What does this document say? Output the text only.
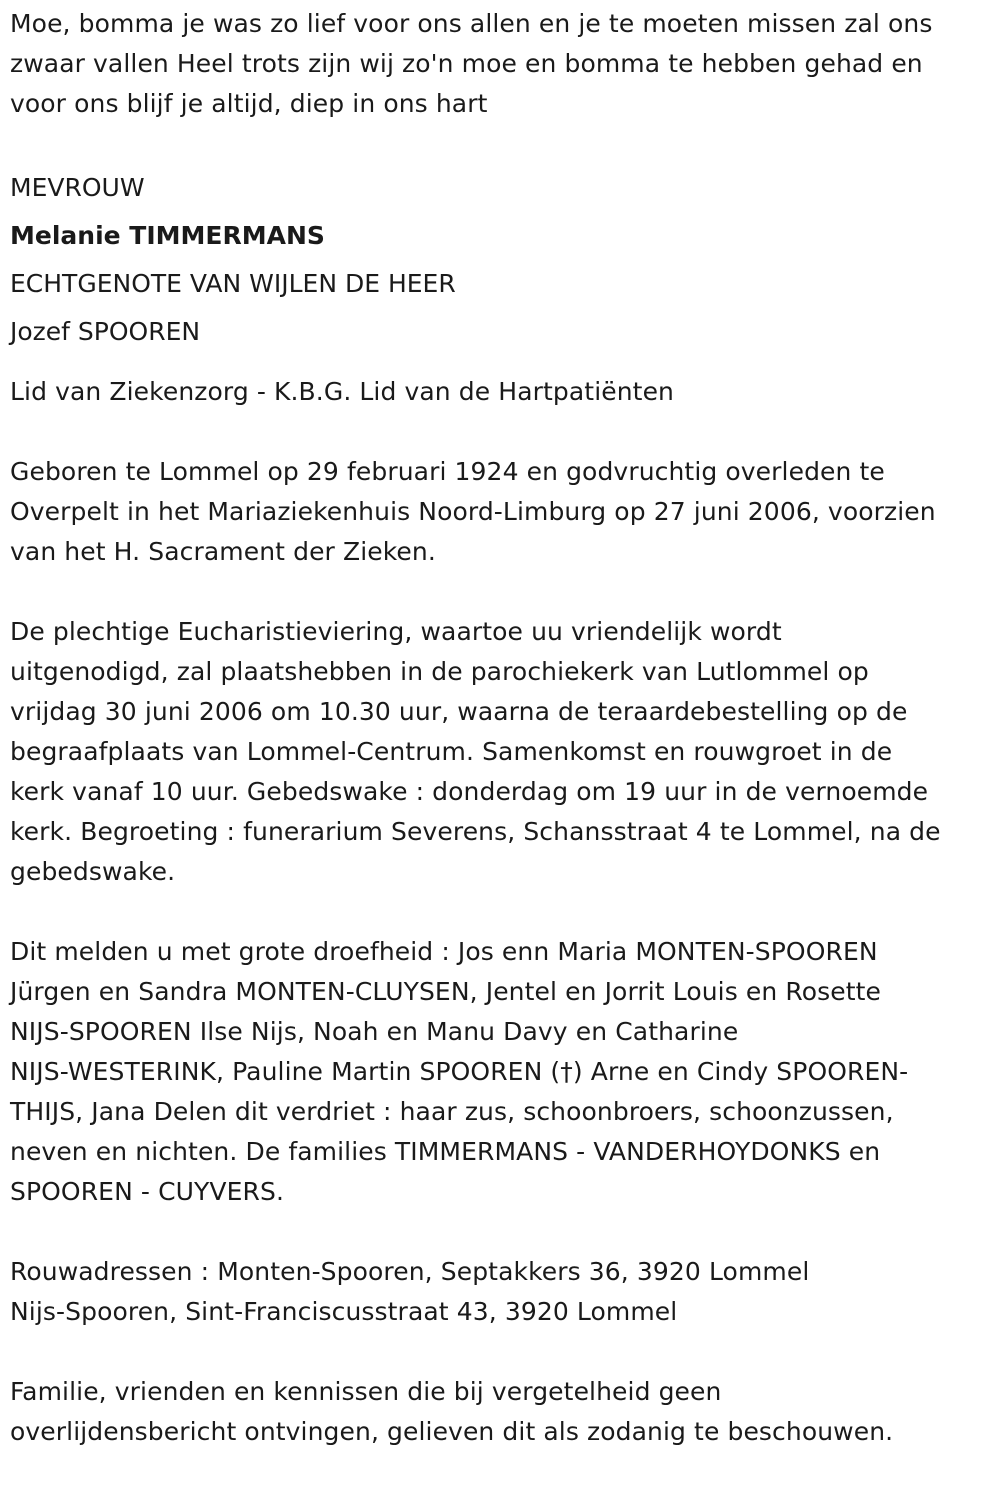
Moe, bomma je was zo lief voor ons allen en je te moeten missen zal ons
zwaar vallen Heel trots zijn wij zo'n moe en bomma te hebben gehad en
voor ons blijf je altijd, diep in ons hart
MEVROUW
Melanie TIMMERMANS
ECHTGENOTE VAN WIJLEN DE HEER
Jozef SPOOREN
Lid van Ziekenzorg - K.B.G. Lid van de Hartpatiënten
Geboren te Lommel op 29 februari 1924 en godvruchtig overleden te
Overpelt in het Mariaziekenhuis Noord-Limburg op 27 juni 2006, voorzien
van het H. Sacrament der Zieken.
De plechtige Eucharistieviering, waartoe uu vriendelijk wordt
uitgenodigd, zal plaatshebben in de parochiekerk van Lutlommel op
vrijdag 30 juni 2006 om 10.30 uur, waarna de teraardebestelling op de
begraafplaats van Lommel-Centrum. Samenkomst en rouwgroet in de
kerk vanaf 10 uur. Gebedswake : donderdag om 19 uur in de vernoemde
kerk. Begroeting : funerarium Severens, Schansstraat 4 te Lommel, na de
gebedswake.
Dit melden u met grote droefheid : Jos enn Maria MONTEN-SPOOREN
Jürgen en Sandra MONTEN-CLUYSEN, Jentel en Jorrit Louis en Rosette
NIJS-SPOOREN Ilse Nijs, Noah en Manu Davy en Catharine
NIJS-WESTERINK, Pauline Martin SPOOREN (†) Arne en Cindy SPOOREN-
THIJS, Jana Delen dit verdriet : haar zus, schoonbroers, schoonzussen,
neven en nichten. De families TIMMERMANS - VANDERHOYDONKS en
SPOOREN - CUYVERS.
Rouwadressen : Monten-Spooren, Septakkers 36, 3920 Lommel
Nijs-Spooren, Sint-Franciscusstraat 43, 3920 Lommel
Familie, vrienden en kennissen die bij vergetelheid geen
overlijdensbericht ontvingen, gelieven dit als zodanig te beschouwen.
